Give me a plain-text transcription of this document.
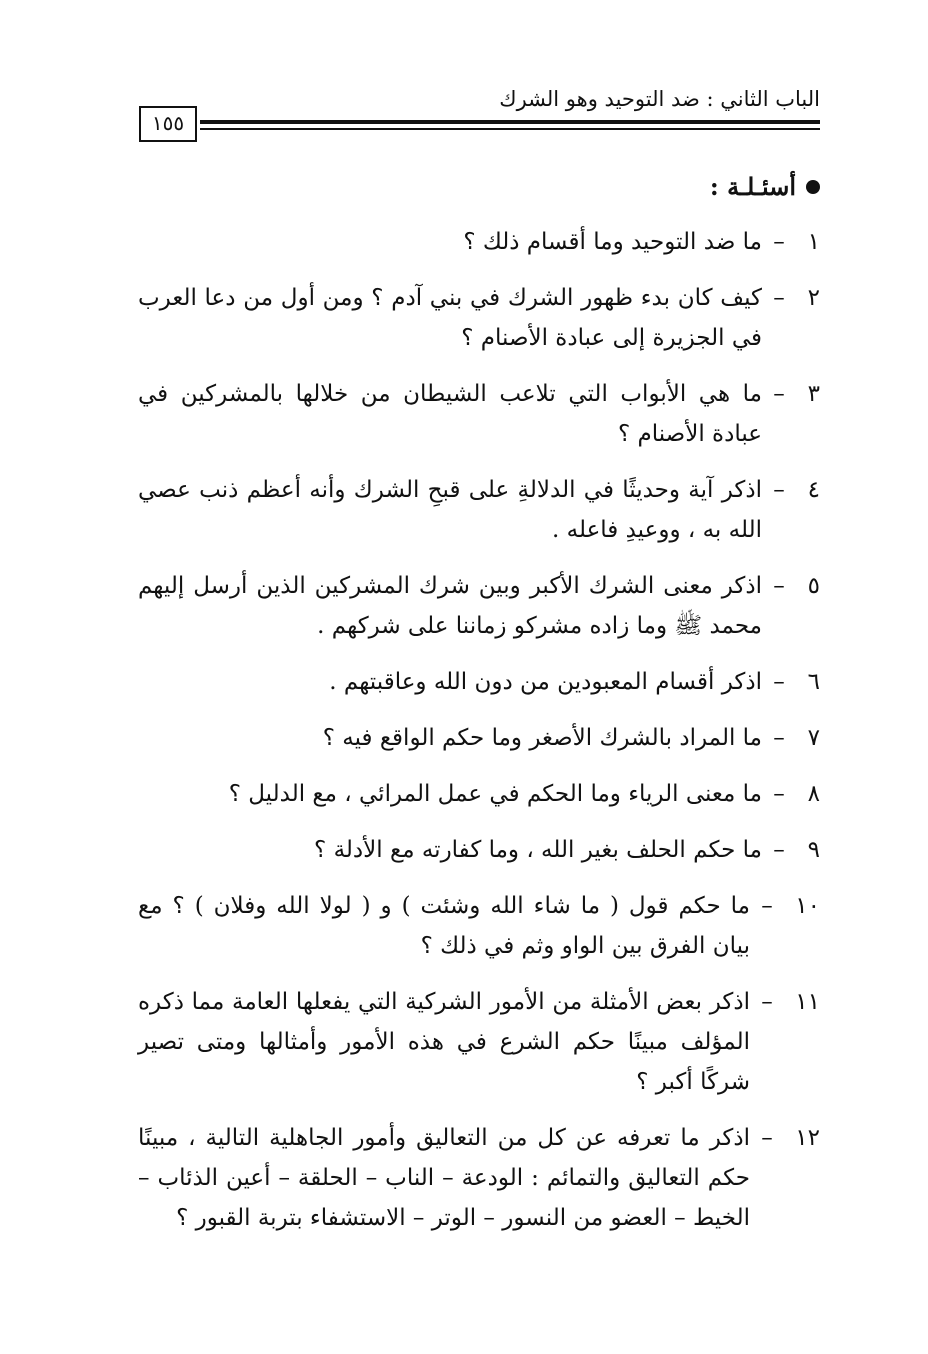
الباب الثاني : ضد التوحيد وهو الشرك
١٥٥
أسئـلـة :
١
–
ما ضد التوحيد وما أقسام ذلك ؟
٢
–
كيف كان بدء ظهور الشرك في بني آدم ؟ ومن أول من دعا العرب في الجزيرة إلى عبادة الأصنام ؟
٣
–
ما هي الأبواب التي تلاعب الشيطان من خلالها بالمشركين في عبادة الأصنام ؟
٤
–
اذكر آية وحديثًا في الدلالةِ على قبحِ الشرك وأنه أعظم ذنب عصي الله به ، ووعيدِ فاعله .
٥
–
اذكر معنى الشرك الأكبر وبين شرك المشركين الذين أرسل إليهم محمد ﷺ وما زاده مشركو زماننا على شركهم .
٦
–
اذكر أقسام المعبودين من دون الله وعاقبتهم .
٧
–
ما المراد بالشرك الأصغر وما حكم الواقع فيه ؟
٨
–
ما معنى الرياء وما الحكم في عمل المرائي ، مع الدليل ؟
٩
–
ما حكم الحلف بغير الله ، وما كفارته مع الأدلة ؟
١٠
–
ما حكم قول ( ما شاء الله وشئت ) و ( لولا الله وفلان ) ؟ مع بيان الفرق بين الواو وثم في ذلك ؟
١١
–
اذكر بعض الأمثلة من الأمور الشركية التي يفعلها العامة مما ذكره المؤلف مبينًا حكم الشرع في هذه الأمور وأمثالها ومتى تصير شركًا أكبر ؟
١٢
–
اذكر ما تعرفه عن كل من التعاليق وأمور الجاهلية التالية ، مبينًا حكم التعاليق والتمائم : الودعة – الناب – الحلقة – أعين الذئاب – الخيط – العضو من النسور – الوتر – الاستشفاء بتربة القبور ؟
